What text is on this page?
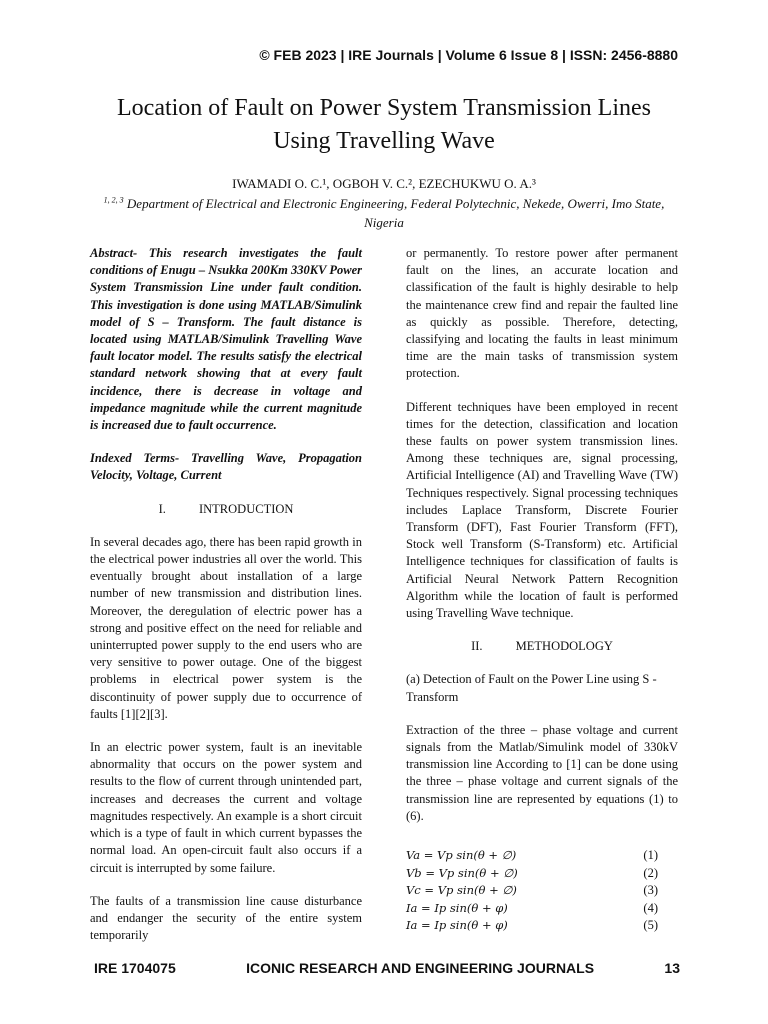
© FEB 2023 | IRE Journals | Volume 6 Issue 8 | ISSN: 2456-8880
Location of Fault on Power System Transmission Lines
Using Travelling Wave
IWAMADI O. C.¹, OGBOH V. C.², EZECHUKWU O. A.³
$^{1, 2, 3}$ Department of Electrical and Electronic Engineering, Federal Polytechnic, Nekede, Owerri, Imo State, Nigeria

Abstract- This research investigates the fault conditions of Enugu – Nsukka 200Km 330KV Power System Transmission Line under fault condition. This investigation is done using MATLAB/Simulink model of S – Transform. The fault distance is located using MATLAB/Simulink Travelling Wave fault locator model. The results satisfy the electrical standard network showing that at every fault incidence, there is decrease in voltage and impedance magnitude while the current magnitude is increased due to fault occurrence.

Indexed Terms- Travelling Wave, Propagation Velocity, Voltage, Current

I.	INTRODUCTION

In several decades ago, there has been rapid growth in the electrical power industries all over the world. This eventually brought about installation of a large number of new transmission and distribution lines. Moreover, the deregulation of electric power has a strong and positive effect on the need for reliable and uninterrupted power supply to the end users who are very sensitive to power outage. One of the biggest problems in electrical power system is the discontinuity of power supply due to occurrence of faults [1][2][3].

In an electric power system, fault is an inevitable abnormality that occurs on the power system and results to the flow of current through unintended part, increases and decreases the current and voltage magnitudes respectively. An example is a short circuit which is a type of fault in which current bypasses the normal load. An open-circuit fault also occurs if a circuit is interrupted by some failure.

The faults of a transmission line cause disturbance and endanger the security of the entire system temporarily

or permanently. To restore power after permanent fault on the lines, an accurate location and classification of the fault is highly desirable to help the maintenance crew find and repair the faulted line as quickly as possible. Therefore, detecting, classifying and locating the faults in least minimum time are the main tasks of transmission system protection.

Different techniques have been employed in recent times for the detection, classification and location these faults on power system transmission lines. Among these techniques are, signal processing, Artificial Intelligence (AI) and Travelling Wave (TW) Techniques respectively. Signal processing techniques includes Laplace Transform, Discrete Fourier Transform (DFT), Fast Fourier Transform (FFT), Stock well Transform (S-Transform) etc. Artificial Intelligence techniques for classification of faults is Artificial Neural Network Pattern Recognition Algorithm while the location of fault is performed using Travelling Wave technique.

II.	METHODOLOGY

(a) Detection of Fault on the Power Line using S - Transform

Extraction of the three – phase voltage and current signals from the Matlab/Simulink model of 330kV transmission line According to [1] can be done using the three – phase voltage and current signals of the transmission line are represented by equations (1) to (6).

Va = Vp sin(θ + ∅)	(1)
Vb = Vp sin(θ + ∅)	(2)
Vc = Vp sin(θ + ∅)	(3)
Ia = Ip sin(θ + φ)	(4)
Ia = Ip sin(θ + φ)	(5)
IRE 1704075	ICONIC RESEARCH AND ENGINEERING JOURNALS	13
